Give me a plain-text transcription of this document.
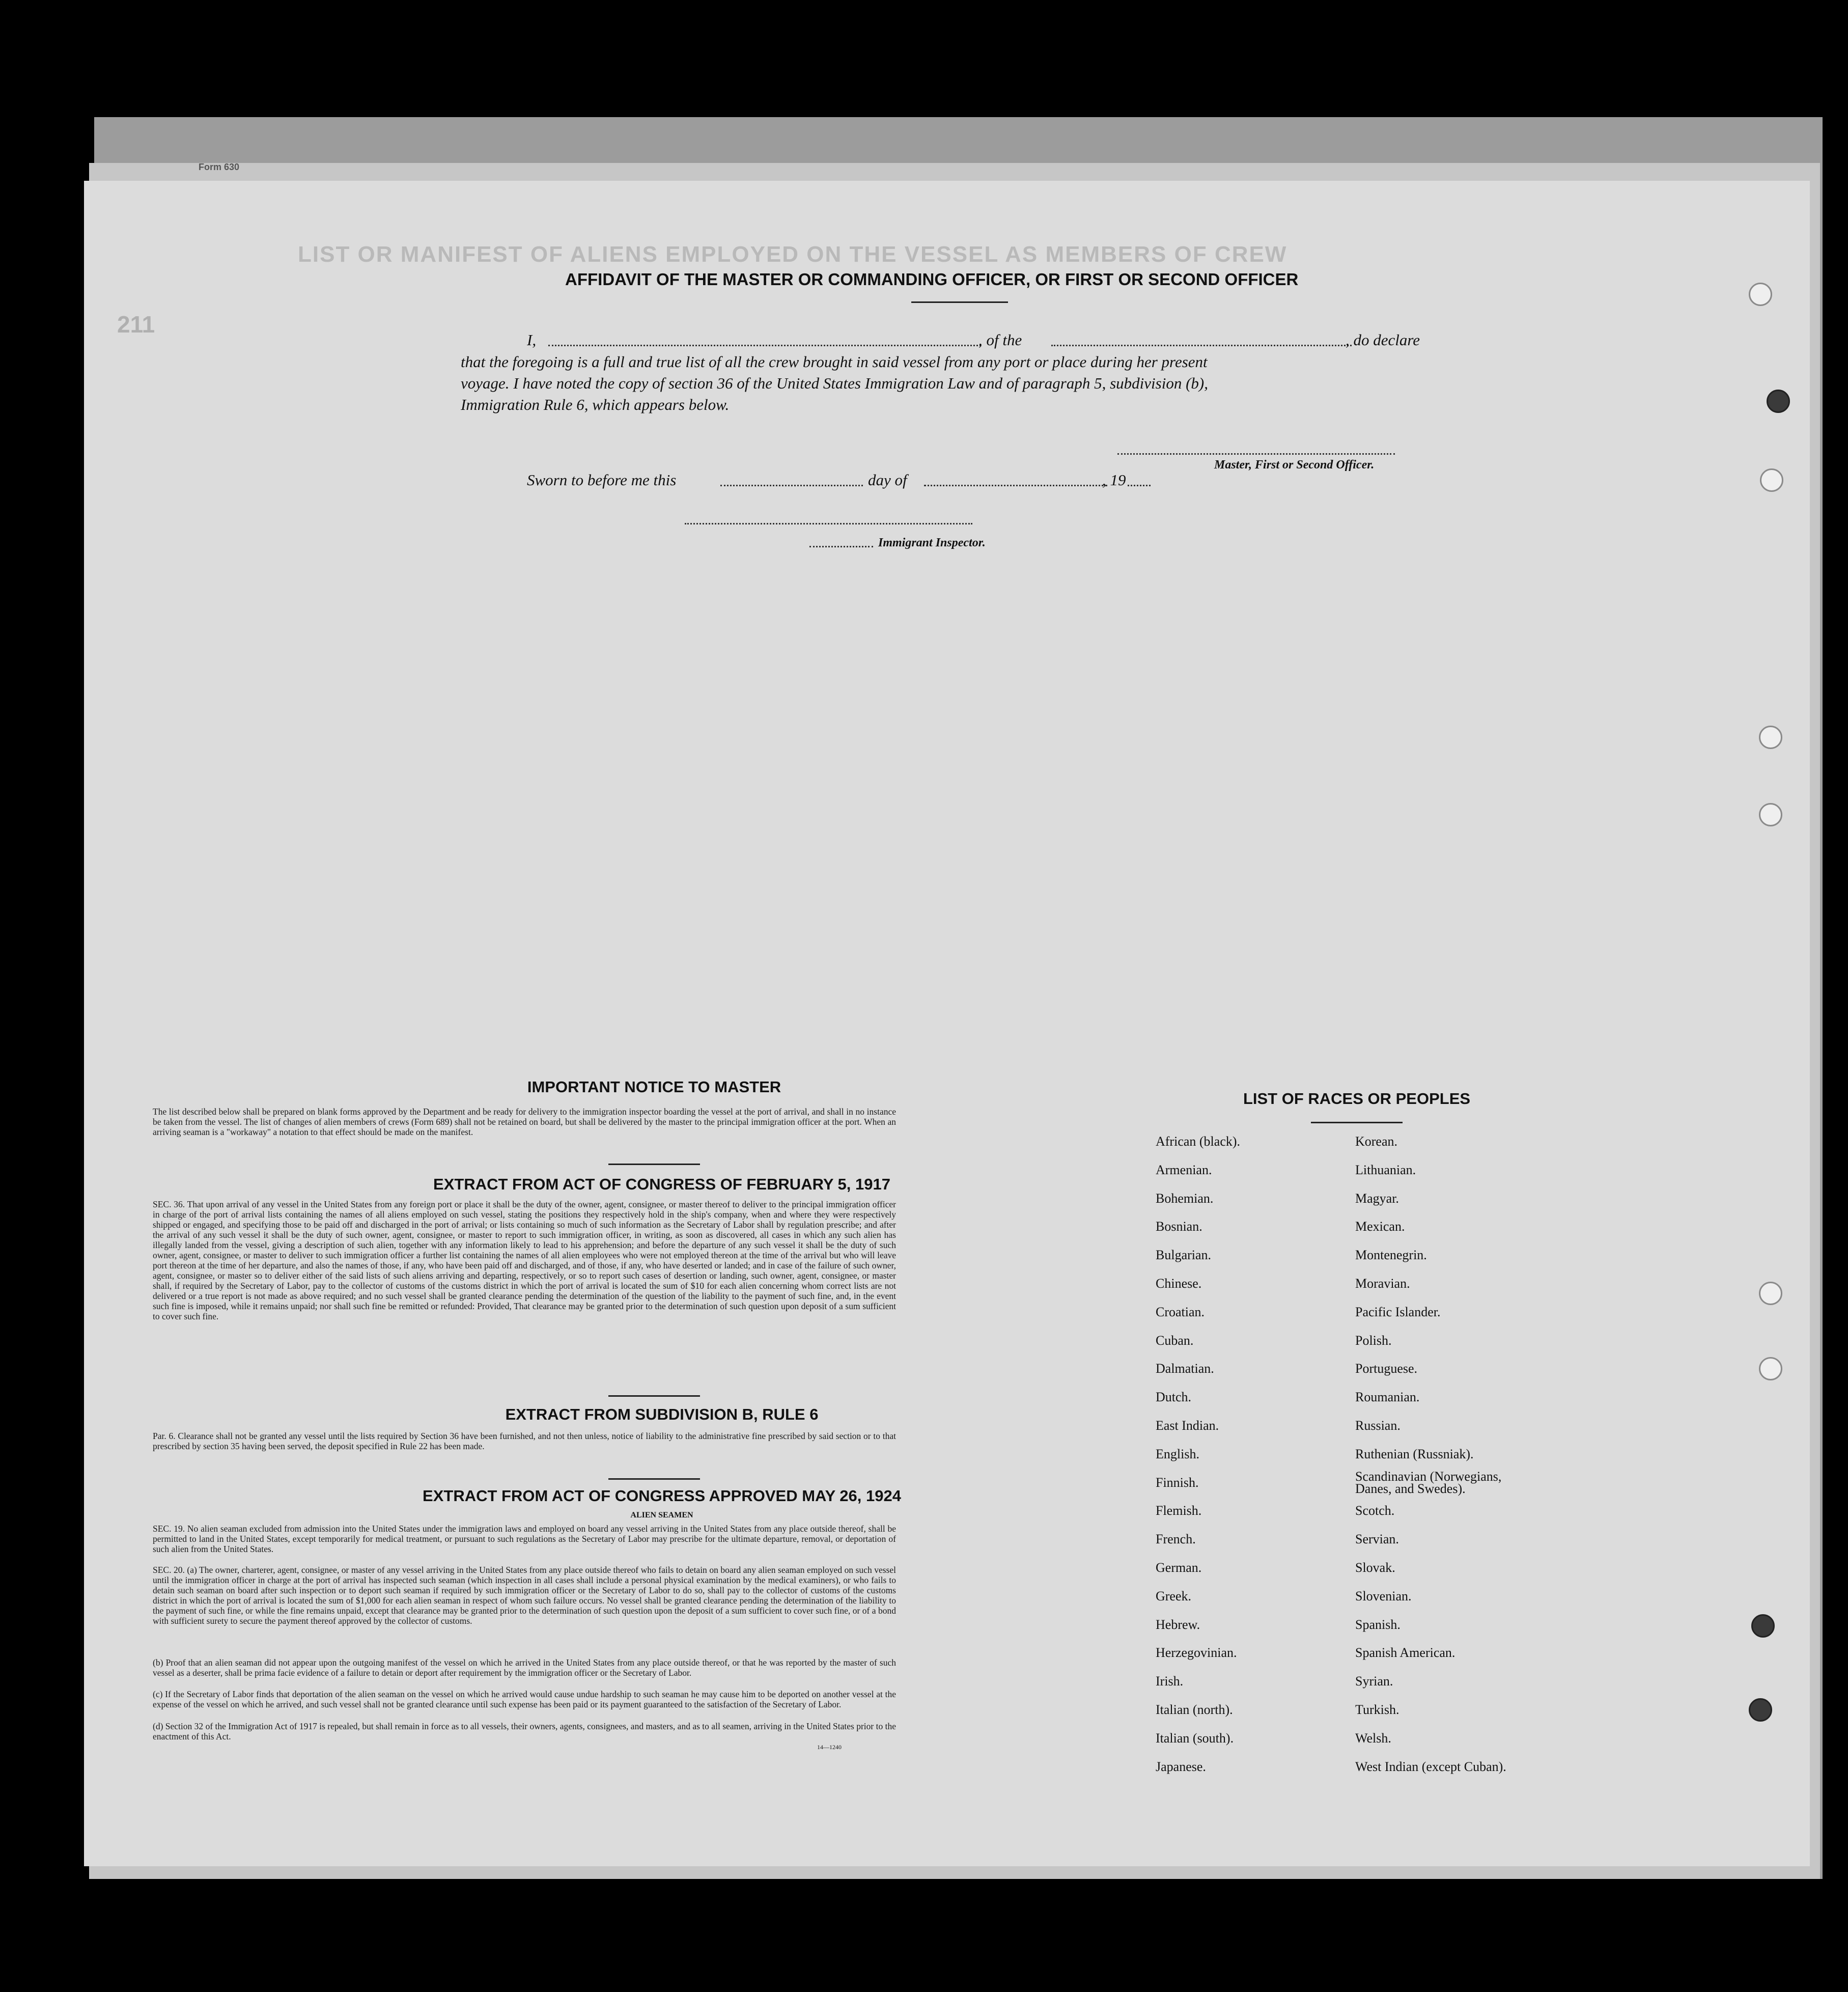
Form 630
LIST OR MANIFEST OF ALIENS EMPLOYED ON THE VESSEL AS MEMBERS OF CREW
211
AFFIDAVIT OF THE MASTER OR COMMANDING OFFICER, OR FIRST OR SECOND OFFICER
I,	, of the	, do declare
that the foregoing is a full and true list of all the crew brought in said vessel from any port or place during her present
voyage. I have noted the copy of section 36 of the United States Immigration Law and of paragraph 5, subdivision (b),
Immigration Rule 6, which appears below.
Master, First or Second Officer.
Sworn to before me this	day of	, 19
Immigrant Inspector.
IMPORTANT NOTICE TO MASTER
The list described below shall be prepared on blank forms approved by the Department and be ready for delivery to the immigration inspector boarding the vessel at the port of arrival, and shall in no instance be taken from the vessel. The list of changes of alien members of crews (Form 689) shall not be retained on board, but shall be delivered by the master to the principal immigration officer at the port. When an arriving seaman is a "workaway" a notation to that effect should be made on the manifest.
EXTRACT FROM ACT OF CONGRESS OF FEBRUARY 5, 1917
SEC. 36. That upon arrival of any vessel in the United States from any foreign port or place it shall be the duty of the owner, agent, consignee, or master thereof to deliver to the principal immigration officer in charge of the port of arrival lists containing the names of all aliens employed on such vessel, stating the positions they respectively hold in the ship's company, when and where they were respectively shipped or engaged, and specifying those to be paid off and discharged in the port of arrival; or lists containing so much of such information as the Secretary of Labor shall by regulation prescribe; and after the arrival of any such vessel it shall be the duty of such owner, agent, consignee, or master to report to such immigration officer, in writing, as soon as discovered, all cases in which any such alien has illegally landed from the vessel, giving a description of such alien, together with any information likely to lead to his apprehension; and before the departure of any such vessel it shall be the duty of such owner, agent, consignee, or master to deliver to such immigration officer a further list containing the names of all alien employees who were not employed thereon at the time of the arrival but who will leave port thereon at the time of her departure, and also the names of those, if any, who have been paid off and discharged, and of those, if any, who have deserted or landed; and in case of the failure of such owner, agent, consignee, or master so to deliver either of the said lists of such aliens arriving and departing, respectively, or so to report such cases of desertion or landing, such owner, agent, consignee, or master shall, if required by the Secretary of Labor, pay to the collector of customs of the customs district in which the port of arrival is located the sum of $10 for each alien concerning whom correct lists are not delivered or a true report is not made as above required; and no such vessel shall be granted clearance pending the determination of the question of the liability to the payment of such fine, and, in the event such fine is imposed, while it remains unpaid; nor shall such fine be remitted or refunded: Provided, That clearance may be granted prior to the determination of such question upon deposit of a sum sufficient to cover such fine.
EXTRACT FROM SUBDIVISION B, RULE 6
Par. 6. Clearance shall not be granted any vessel until the lists required by Section 36 have been furnished, and not then unless, notice of liability to the administrative fine prescribed by said section or to that prescribed by section 35 having been served, the deposit specified in Rule 22 has been made.
EXTRACT FROM ACT OF CONGRESS APPROVED MAY 26, 1924
ALIEN SEAMEN
SEC. 19. No alien seaman excluded from admission into the United States under the immigration laws and employed on board any vessel arriving in the United States from any place outside thereof, shall be permitted to land in the United States, except temporarily for medical treatment, or pursuant to such regulations as the Secretary of Labor may prescribe for the ultimate departure, removal, or deportation of such alien from the United States.
SEC. 20. (a) The owner, charterer, agent, consignee, or master of any vessel arriving in the United States from any place outside thereof who fails to detain on board any alien seaman employed on such vessel until the immigration officer in charge at the port of arrival has inspected such seaman (which inspection in all cases shall include a personal physical examination by the medical examiners), or who fails to detain such seaman on board after such inspection or to deport such seaman if required by such immigration officer or the Secretary of Labor to do so, shall pay to the collector of customs of the customs district in which the port of arrival is located the sum of $1,000 for each alien seaman in respect of whom such failure occurs. No vessel shall be granted clearance pending the determination of the liability to the payment of such fine, or while the fine remains unpaid, except that clearance may be granted prior to the determination of such question upon the deposit of a sum sufficient to cover such fine, or of a bond with sufficient surety to secure the payment thereof approved by the collector of customs.
(b) Proof that an alien seaman did not appear upon the outgoing manifest of the vessel on which he arrived in the United States from any place outside thereof, or that he was reported by the master of such vessel as a deserter, shall be prima facie evidence of a failure to detain or deport after requirement by the immigration officer or the Secretary of Labor.
(c) If the Secretary of Labor finds that deportation of the alien seaman on the vessel on which he arrived would cause undue hardship to such seaman he may cause him to be deported on another vessel at the expense of the vessel on which he arrived, and such vessel shall not be granted clearance until such expense has been paid or its payment guaranteed to the satisfaction of the Secretary of Labor.
(d) Section 32 of the Immigration Act of 1917 is repealed, but shall remain in force as to all vessels, their owners, agents, consignees, and masters, and as to all seamen, arriving in the United States prior to the enactment of this Act.
14—1240
LIST OF RACES OR PEOPLES
African (black).
Armenian.
Bohemian.
Bosnian.
Bulgarian.
Chinese.
Croatian.
Cuban.
Dalmatian.
Dutch.
East Indian.
English.
Finnish.
Flemish.
French.
German.
Greek.
Hebrew.
Herzegovinian.
Irish.
Italian (north).
Italian (south).
Japanese.
Korean.
Lithuanian.
Magyar.
Mexican.
Montenegrin.
Moravian.
Pacific Islander.
Polish.
Portuguese.
Roumanian.
Russian.
Ruthenian (Russniak).
Scandinavian (Norwegians, Danes, and Swedes).
Scotch.
Servian.
Slovak.
Slovenian.
Spanish.
Spanish American.
Syrian.
Turkish.
Welsh.
West Indian (except Cuban).
